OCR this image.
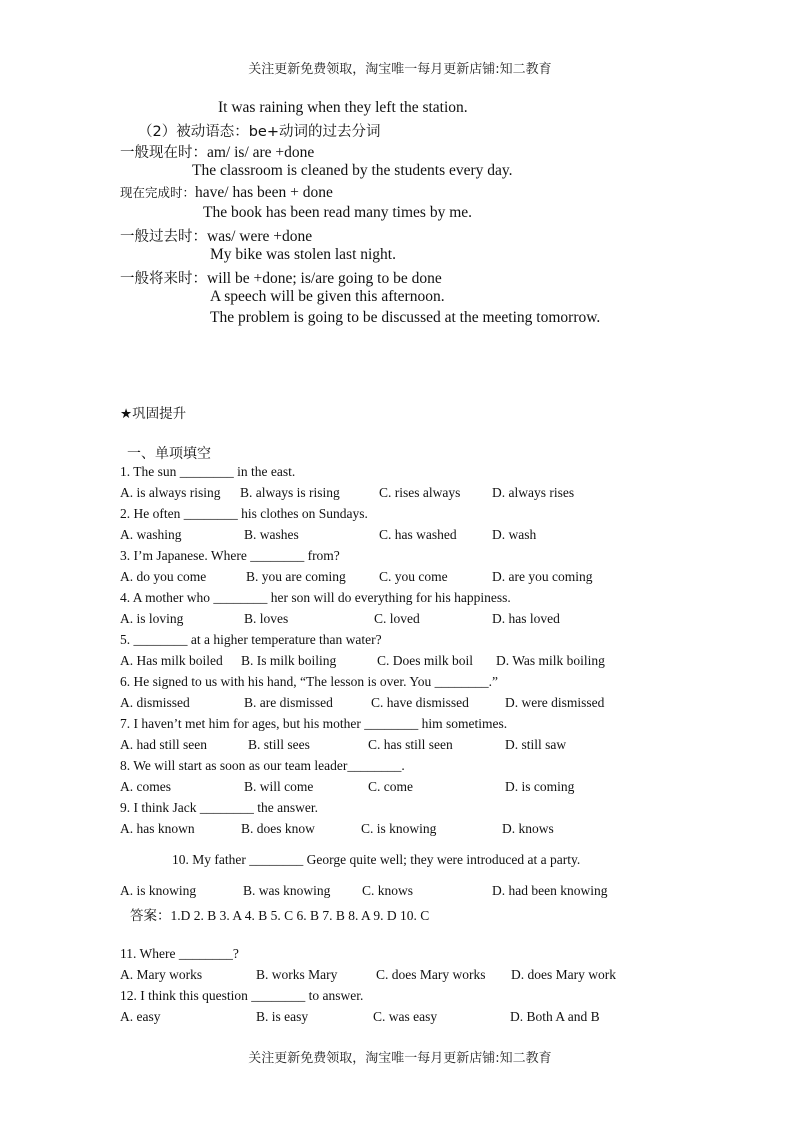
关注更新免费领取，淘宝唯一每月更新店铺:知二教育
It was raining when they left the station.
（2）被动语态：be+动词的过去分词
一般现在时：am/ is/ are +done
The classroom is cleaned by the students every day.
现在完成时：have/ has been + done
The book has been read many times by me.
一般过去时：was/ were +done
My bike was stolen last night.
一般将来时：will be +done; is/are going to be done
A speech will be given this afternoon.
The problem is going to be discussed at the meeting tomorrow.
★巩固提升
一、单项填空
1. The sun ________ in the east.
A. is always rising B. always is rising	C. rises always D. always rises
2. He often ________ his clothes on Sundays.
A. washing	B. washes	C. has washed	D. wash
3. I’m Japanese. Where ________ from?
A. do you come	B. you are coming C. you come	D. are you coming
4. A mother who ________ her son will do everything for his happiness.
A. is loving	B. loves	C. loved	D. has loved
5. ________ at a higher temperature than water?
A. Has milk boiled B. Is milk boiling	C. Does milk boil D. Was milk boiling
6. He signed to us with his hand, “The lesson is over. You ________.”
A. dismissed	B. are dismissed	C. have dismissed	D. were dismissed
7. I haven’t met him for ages, but his mother ________ him sometimes.
A. had still seen	B. still sees	C. has still seen	D. still saw
8. We will start as soon as our team leader________.
A. comes	B. will come	C. come	D. is coming
9. I think Jack ________ the answer.
A. has known	B. does know	C. is knowing	D. knows
10. My father ________ George quite well; they were introduced at a party.
A. is knowing	B. was knowing C. knows	D. had been knowing
答案：1.D 2. B 3. A 4. B 5. C 6. B 7. B 8. A 9. D 10. C
11. Where ________?
A. Mary works	B. works Mary	C. does Mary works D. does Mary work
12. I think this question ________ to answer.
A. easy	B. is easy	C. was easy	D. Both A and B
关注更新免费领取，淘宝唯一每月更新店铺:知二教育
